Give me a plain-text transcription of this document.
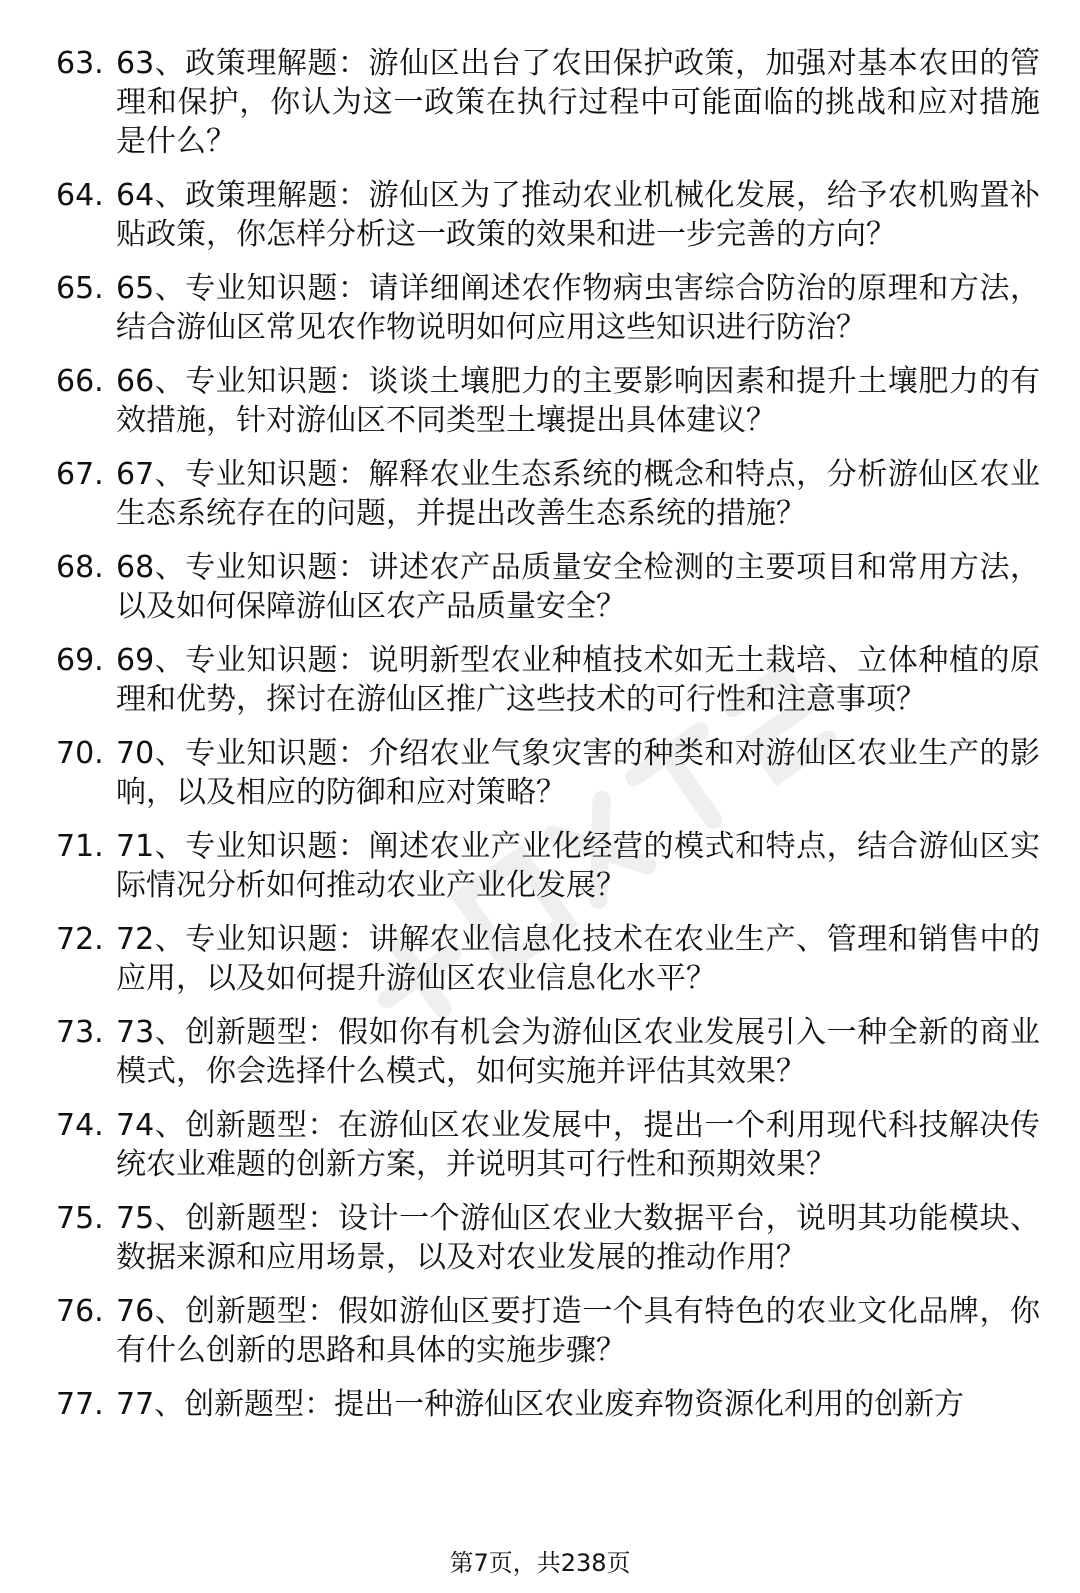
63. 63、政策理解题：游仙区出台了农田保护政策，加强对基本农田的管理和保护，你认为这一政策在执行过程中可能面临的挑战和应对措施是什么？
64. 64、政策理解题：游仙区为了推动农业机械化发展，给予农机购置补贴政策，你怎样分析这一政策的效果和进一步完善的方向？
65. 65、专业知识题：请详细阐述农作物病虫害综合防治的原理和方法，结合游仙区常见农作物说明如何应用这些知识进行防治？
66. 66、专业知识题：谈谈土壤肥力的主要影响因素和提升土壤肥力的有效措施，针对游仙区不同类型土壤提出具体建议？
67. 67、专业知识题：解释农业生态系统的概念和特点，分析游仙区农业生态系统存在的问题，并提出改善生态系统的措施？
68. 68、专业知识题：讲述农产品质量安全检测的主要项目和常用方法，以及如何保障游仙区农产品质量安全？
69. 69、专业知识题：说明新型农业种植技术如无土栽培、立体种植的原理和优势，探讨在游仙区推广这些技术的可行性和注意事项？
70. 70、专业知识题：介绍农业气象灾害的种类和对游仙区农业生产的影响，以及相应的防御和应对策略？
71. 71、专业知识题：阐述农业产业化经营的模式和特点，结合游仙区实际情况分析如何推动农业产业化发展？
72. 72、专业知识题：讲解农业信息化技术在农业生产、管理和销售中的应用，以及如何提升游仙区农业信息化水平？
73. 73、创新题型：假如你有机会为游仙区农业发展引入一种全新的商业模式，你会选择什么模式，如何实施并评估其效果？
74. 74、创新题型：在游仙区农业发展中，提出一个利用现代科技解决传统农业难题的创新方案，并说明其可行性和预期效果？
75. 75、创新题型：设计一个游仙区农业大数据平台，说明其功能模块、数据来源和应用场景，以及对农业发展的推动作用？
76. 76、创新题型：假如游仙区要打造一个具有特色的农业文化品牌，你有什么创新的思路和具体的实施步骤？
77. 77、创新题型：提出一种游仙区农业废弃物资源化利用的创新方
第7页，共238页
